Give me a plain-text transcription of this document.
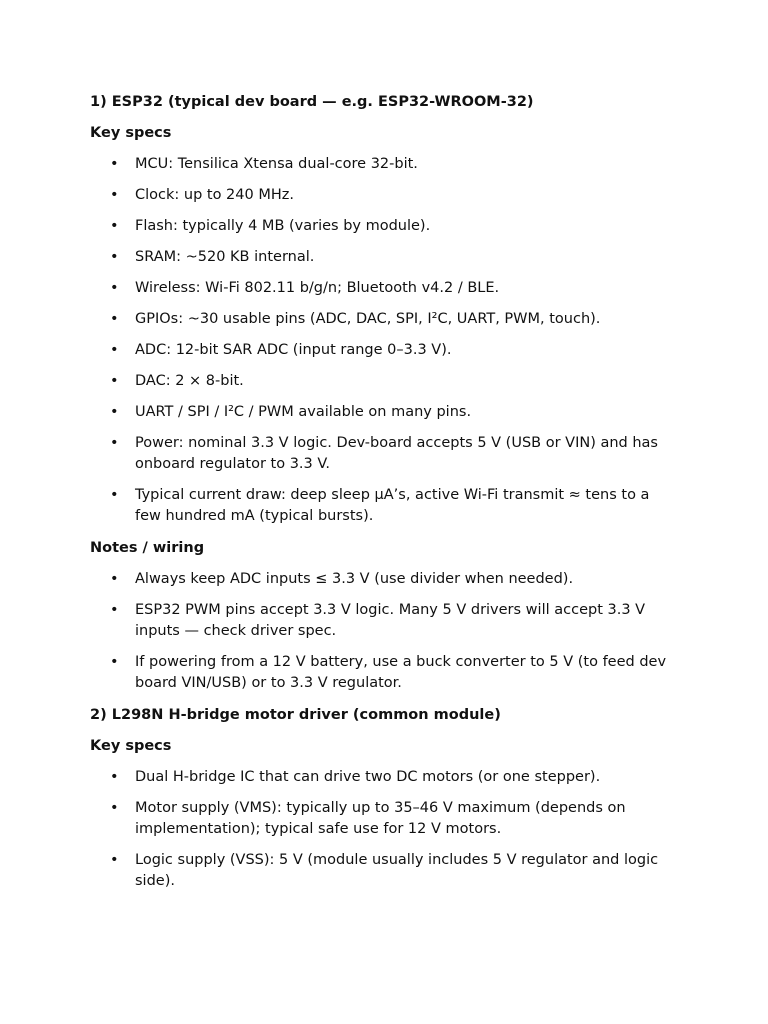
1) ESP32 (typical dev board — e.g. ESP32-WROOM-32)
Key specs
• MCU: Tensilica Xtensa dual-core 32-bit.
• Clock: up to 240 MHz.
• Flash: typically 4 MB (varies by module).
• SRAM: ~520 KB internal.
• Wireless: Wi-Fi 802.11 b/g/n; Bluetooth v4.2 / BLE.
• GPIOs: ~30 usable pins (ADC, DAC, SPI, I²C, UART, PWM, touch).
• ADC: 12-bit SAR ADC (input range 0–3.3 V).
• DAC: 2 × 8-bit.
• UART / SPI / I²C / PWM available on many pins.
• Power: nominal 3.3 V logic. Dev-board accepts 5 V (USB or VIN) and has onboard regulator to 3.3 V.
• Typical current draw: deep sleep µA’s, active Wi-Fi transmit ≈ tens to a few hundred mA (typical bursts).
Notes / wiring
• Always keep ADC inputs ≤ 3.3 V (use divider when needed).
• ESP32 PWM pins accept 3.3 V logic. Many 5 V drivers will accept 3.3 V inputs — check driver spec.
• If powering from a 12 V battery, use a buck converter to 5 V (to feed dev board VIN/USB) or to 3.3 V regulator.
2) L298N H-bridge motor driver (common module)
Key specs
• Dual H-bridge IC that can drive two DC motors (or one stepper).
• Motor supply (VMS): typically up to 35–46 V maximum (depends on implementation); typical safe use for 12 V motors.
• Logic supply (VSS): 5 V (module usually includes 5 V regulator and logic side).
